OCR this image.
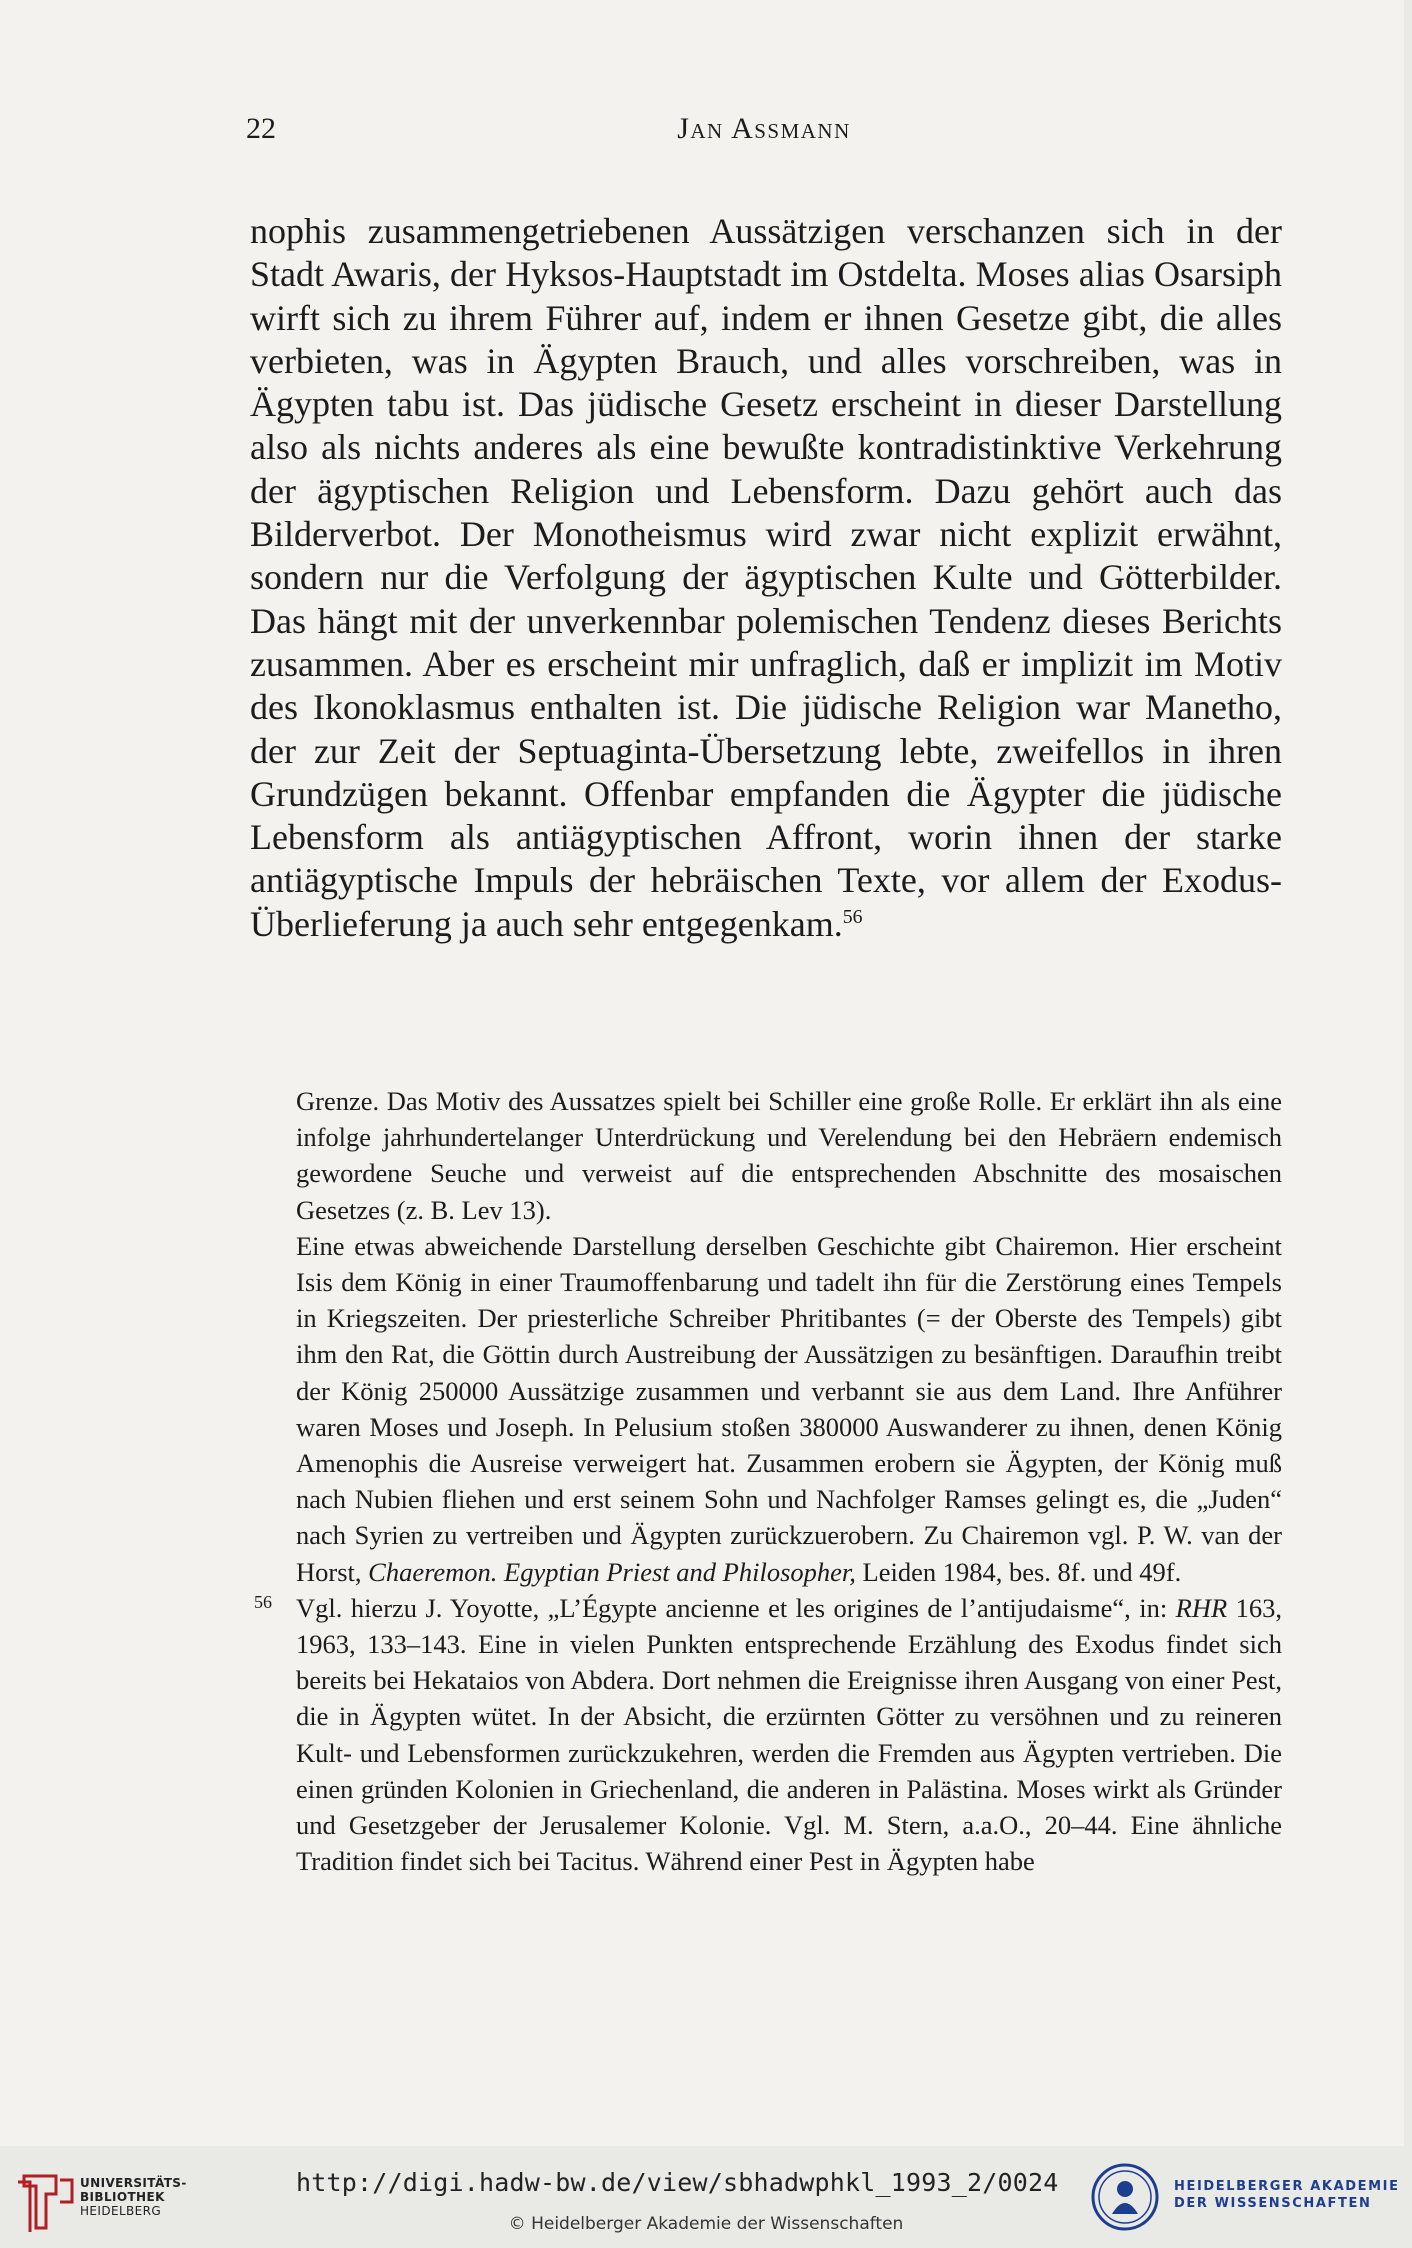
22	Jan Assmann

nophis zusammengetriebenen Aussätzigen verschanzen sich in der Stadt Awaris, der Hyksos-Hauptstadt im Ostdelta. Moses alias Osarsiph wirft sich zu ihrem Führer auf, indem er ihnen Gesetze gibt, die alles verbieten, was in Ägypten Brauch, und alles vorschreiben, was in Ägypten tabu ist. Das jüdische Gesetz erscheint in dieser Darstellung also als nichts anderes als eine bewußte kontradistinktive Verkehrung der ägyptischen Religion und Lebensform. Dazu gehört auch das Bilderverbot. Der Monotheismus wird zwar nicht explizit erwähnt, sondern nur die Verfolgung der ägyptischen Kulte und Götterbilder. Das hängt mit der unverkennbar polemischen Tendenz dieses Berichts zusammen. Aber es erscheint mir unfraglich, daß er implizit im Motiv des Ikonoklasmus enthalten ist. Die jüdische Religion war Manetho, der zur Zeit der Septuaginta-Übersetzung lebte, zweifellos in ihren Grundzügen bekannt. Offenbar empfanden die Ägypter die jüdische Lebensform als antiägyptischen Affront, worin ihnen der starke antiägyptische Impuls der hebräischen Texte, vor allem der Exodus-Überlieferung ja auch sehr entgegenkam.$^{56}$

Grenze. Das Motiv des Aussatzes spielt bei Schiller eine große Rolle. Er erklärt ihn als eine infolge jahrhundertelanger Unterdrückung und Verelendung bei den Hebräern endemisch gewordene Seuche und verweist auf die entsprechenden Abschnitte des mosaischen Gesetzes (z. B. Lev 13).

Eine etwas abweichende Darstellung derselben Geschichte gibt Chairemon. Hier erscheint Isis dem König in einer Traumoffenbarung und tadelt ihn für die Zerstörung eines Tempels in Kriegszeiten. Der priesterliche Schreiber Phritibantes (= der Oberste des Tempels) gibt ihm den Rat, die Göttin durch Austreibung der Aussätzigen zu besänftigen. Daraufhin treibt der König 250000 Aussätzige zusammen und verbannt sie aus dem Land. Ihre Anführer waren Moses und Joseph. In Pelusium stoßen 380000 Auswanderer zu ihnen, denen König Amenophis die Ausreise verweigert hat. Zusammen erobern sie Ägypten, der König muß nach Nubien fliehen und erst seinem Sohn und Nachfolger Ramses gelingt es, die „Juden“ nach Syrien zu vertreiben und Ägypten zurückzuerobern. Zu Chairemon vgl. P. W. van der Horst, Chaeremon. Egyptian Priest and Philosopher, Leiden 1984, bes. 8f. und 49f.

56 Vgl. hierzu J. Yoyotte, „L’Égypte ancienne et les origines de l’antijudaisme“, in: RHR 163, 1963, 133–143. Eine in vielen Punkten entsprechende Erzählung des Exodus findet sich bereits bei Hekataios von Abdera. Dort nehmen die Ereignisse ihren Ausgang von einer Pest, die in Ägypten wütet. In der Absicht, die erzürnten Götter zu versöhnen und zu reineren Kult- und Lebensformen zurückzukehren, werden die Fremden aus Ägypten vertrieben. Die einen gründen Kolonien in Griechenland, die anderen in Palästina. Moses wirkt als Gründer und Gesetzgeber der Jerusalemer Kolonie. Vgl. M. Stern, a.a.O., 20–44. Eine ähnliche Tradition findet sich bei Tacitus. Während einer Pest in Ägypten habe

UNIVERSITÄTS-
BIBLIOTHEK
HEIDELBERG
http://digi.hadw-bw.de/view/sbhadwphkl_1993_2/0024
© Heidelberger Akademie der Wissenschaften
HEIDELBERGER AKADEMIE
DER WISSENSCHAFTEN
